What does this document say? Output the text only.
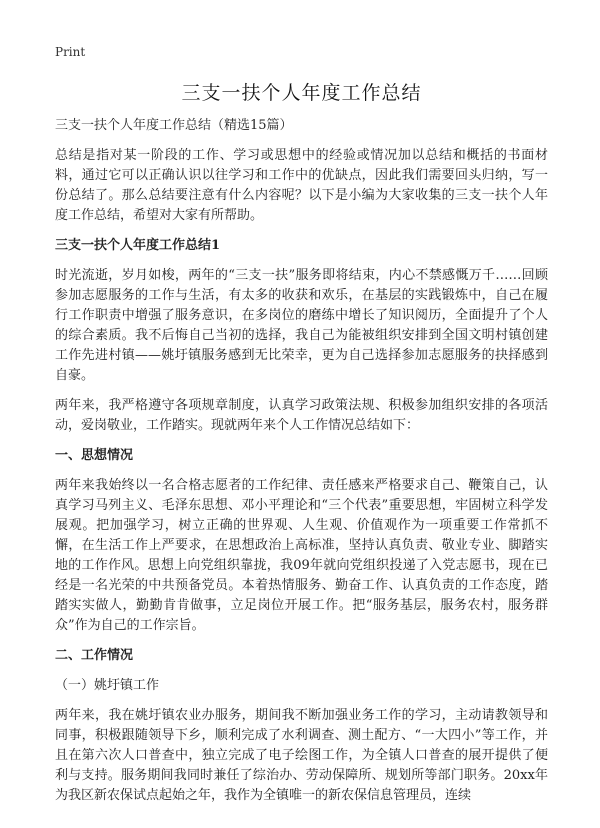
Print
三支一扶个人年度工作总结

三支一扶个人年度工作总结（精选15篇）

总结是指对某一阶段的工作、学习或思想中的经验或情况加以总结和概括的书面材料，通过它可以正确认识以往学习和工作中的优缺点，因此我们需要回头归纳，写一份总结了。那么总结要注意有什么内容呢？以下是小编为大家收集的三支一扶个人年度工作总结，希望对大家有所帮助。

三支一扶个人年度工作总结1

时光流逝，岁月如梭，两年的“三支一扶”服务即将结束，内心不禁感慨万千……回顾参加志愿服务的工作与生活，有太多的收获和欢乐，在基层的实践锻炼中，自己在履行工作职责中增强了服务意识，在多岗位的磨练中增长了知识阅历，全面提升了个人的综合素质。我不后悔自己当初的选择，我自己为能被组织安排到全国文明村镇创建工作先进村镇——姚圩镇服务感到无比荣幸，更为自己选择参加志愿服务的抉择感到自豪。

两年来，我严格遵守各项规章制度，认真学习政策法规、积极参加组织安排的各项活动，爱岗敬业，工作踏实。现就两年来个人工作情况总结如下：

一、思想情况

两年来我始终以一名合格志愿者的工作纪律、责任感来严格要求自己、鞭策自己，认真学习马列主义、毛泽东思想、邓小平理论和“三个代表”重要思想，牢固树立科学发展观。把加强学习，树立正确的世界观、人生观、价值观作为一项重要工作常抓不懈，在生活工作上严要求，在思想政治上高标准，坚持认真负责、敬业专业、脚踏实地的工作作风。思想上向党组织靠拢，我09年就向党组织投递了入党志愿书，现在已经是一名光荣的中共预备党员。本着热情服务、勤奋工作、认真负责的工作态度，踏踏实实做人，勤勤肯肯做事，立足岗位开展工作。把“服务基层，服务农村，服务群众”作为自己的工作宗旨。

二、工作情况

（一）姚圩镇工作

两年来，我在姚圩镇农业办服务，期间我不断加强业务工作的学习，主动请教领导和同事，积极跟随领导下乡，顺利完成了水利调查、测土配方、“一大四小”等工作，并且在第六次人口普查中，独立完成了电子绘图工作，为全镇人口普查的展开提供了便利与支持。服务期间我同时兼任了综治办、劳动保障所、规划所等部门职务。20xx年为我区新农保试点起始之年，我作为全镇唯一的新农保信息管理员，连续
